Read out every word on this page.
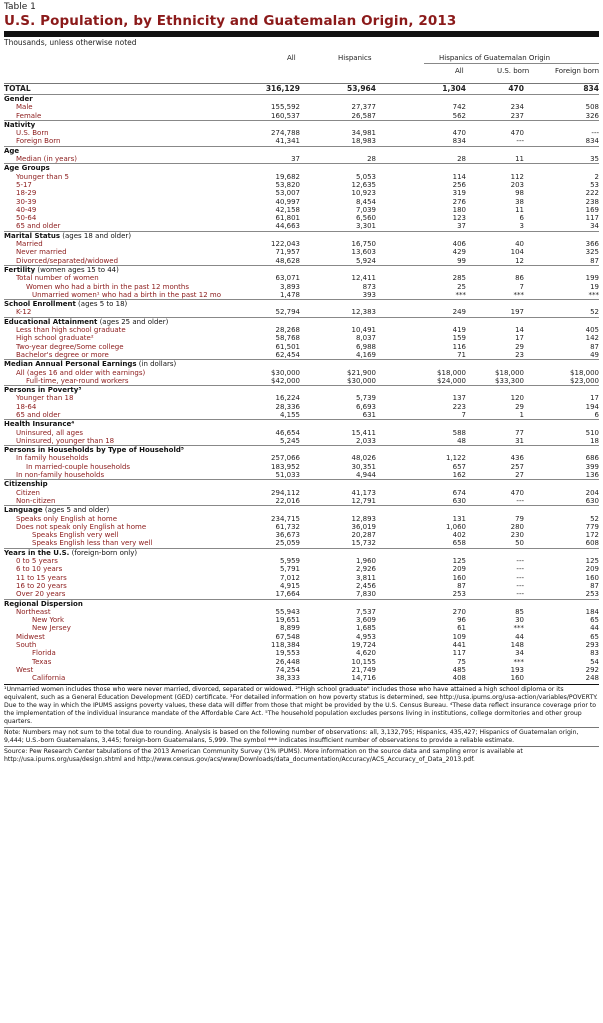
Table 1
U.S. Population, by Ethnicity and Guatemalan Origin, 2013
Thousands, unless otherwise noted
All	Hispanics	Hispanics of Guatemalan Origin
All	U.S. born	Foreign born
TOTAL	316,129	53,964	1,304	470	834
Gender					
Male	155,592	27,377	742	234	508
Female	160,537	26,587	562	237	326
Nativity					
U.S. Born	274,788	34,981	470	470	---
Foreign Born	41,341	18,983	834	---	834
Age					
Median (in years)	37	28	28	11	35
Age Groups					
Younger than 5	19,682	5,053	114	112	2
5-17	53,820	12,635	256	203	53
18-29	53,007	10,923	319	98	222
30-39	40,997	8,454	276	38	238
40-49	42,158	7,039	180	11	169
50-64	61,801	6,560	123	6	117
65 and older	44,663	3,301	37	3	34
Marital Status (ages 18 and older)					
Married	122,043	16,750	406	40	366
Never married	71,957	13,603	429	104	325
Divorced/separated/widowed	48,628	5,924	99	12	87
Fertility (women ages 15 to 44)					
Total number of women	63,071	12,411	285	86	199
Women who had a birth in the past 12 months	3,893	873	25	7	19
Unmarried women¹ who had a birth in the past 12 mo	1,478	393	***	***	***
School Enrollment (ages 5 to 18)					
K-12	52,794	12,383	249	197	52
Educational Attainment (ages 25 and older)					
Less than high school graduate	28,268	10,491	419	14	405
High school graduate²	58,768	8,037	159	17	142
Two-year degree/Some college	61,501	6,988	116	29	87
Bachelor's degree or more	62,454	4,169	71	23	49
Median Annual Personal Earnings (in dollars)					
All (ages 16 and older with earnings)	$30,000	$21,900	$18,000	$18,000	$18,000
Full-time, year-round workers	$42,000	$30,000	$24,000	$33,300	$23,000
Persons in Poverty³					
Younger than 18	16,224	5,739	137	120	17
18-64	28,336	6,693	223	29	194
65 and older	4,155	631	7	1	6
Health Insurance⁴					
Uninsured, all ages	46,654	15,411	588	77	510
Uninsured, younger than 18	5,245	2,033	48	31	18
Persons in Households by Type of Household⁵					
In family households	257,066	48,026	1,122	436	686
In married-couple households	183,952	30,351	657	257	399
In non-family households	51,033	4,944	162	27	136
Citizenship					
Citizen	294,112	41,173	674	470	204
Non-citizen	22,016	12,791	630	---	630
Language (ages 5 and older)					
Speaks only English at home	234,715	12,893	131	79	52
Does not speak only English at home	61,732	36,019	1,060	280	779
Speaks English very well	36,673	20,287	402	230	172
Speaks English less than very well	25,059	15,732	658	50	608
Years in the U.S. (foreign-born only)					
0 to 5 years	5,959	1,960	125	---	125
6 to 10 years	5,791	2,926	209	---	209
11 to 15 years	7,012	3,811	160	---	160
16 to 20 years	4,915	2,456	87	---	87
Over 20 years	17,664	7,830	253	---	253
Regional Dispersion					
Northeast	55,943	7,537	270	85	184
New York	19,651	3,609	96	30	65
New Jersey	8,899	1,685	61	***	44
Midwest	67,548	4,953	109	44	65
South	118,384	19,724	441	148	293
Florida	19,553	4,620	117	34	83
Texas	26,448	10,155	75	***	54
West	74,254	21,749	485	193	292
California	38,333	14,716	408	160	248
¹Unmarried women includes those who were never married, divorced, separated or widowed. ²"High school graduate" includes those who have attained a high school diploma or its equivalent, such as a General Education Development (GED) certificate. ³For detailed information on how poverty status is determined, see http://usa.ipums.org/usa-action/variables/POVERTY. Due to the way in which the IPUMS assigns poverty values, these data will differ from those that might be provided by the U.S. Census Bureau. ⁴These data reflect insurance coverage prior to the implementation of the individual insurance mandate of the Affordable Care Act. ⁵The household population excludes persons living in institutions, college dormitories and other group quarters.
Note: Numbers may not sum to the total due to rounding. Analysis is based on the following number of observations: all, 3,132,795; Hispanics, 435,427; Hispanics of Guatemalan origin, 9,444; U.S.-born Guatemalans, 3,445; foreign-born Guatemalans, 5,999. The symbol *** indicates insufficient number of observations to provide a reliable estimate.
Source: Pew Research Center tabulations of the 2013 American Community Survey (1% IPUMS). More information on the source data and sampling error is available at http://usa.ipums.org/usa/design.shtml and http://www.census.gov/acs/www/Downloads/data_documentation/Accuracy/ACS_Accuracy_of_Data_2013.pdf.
